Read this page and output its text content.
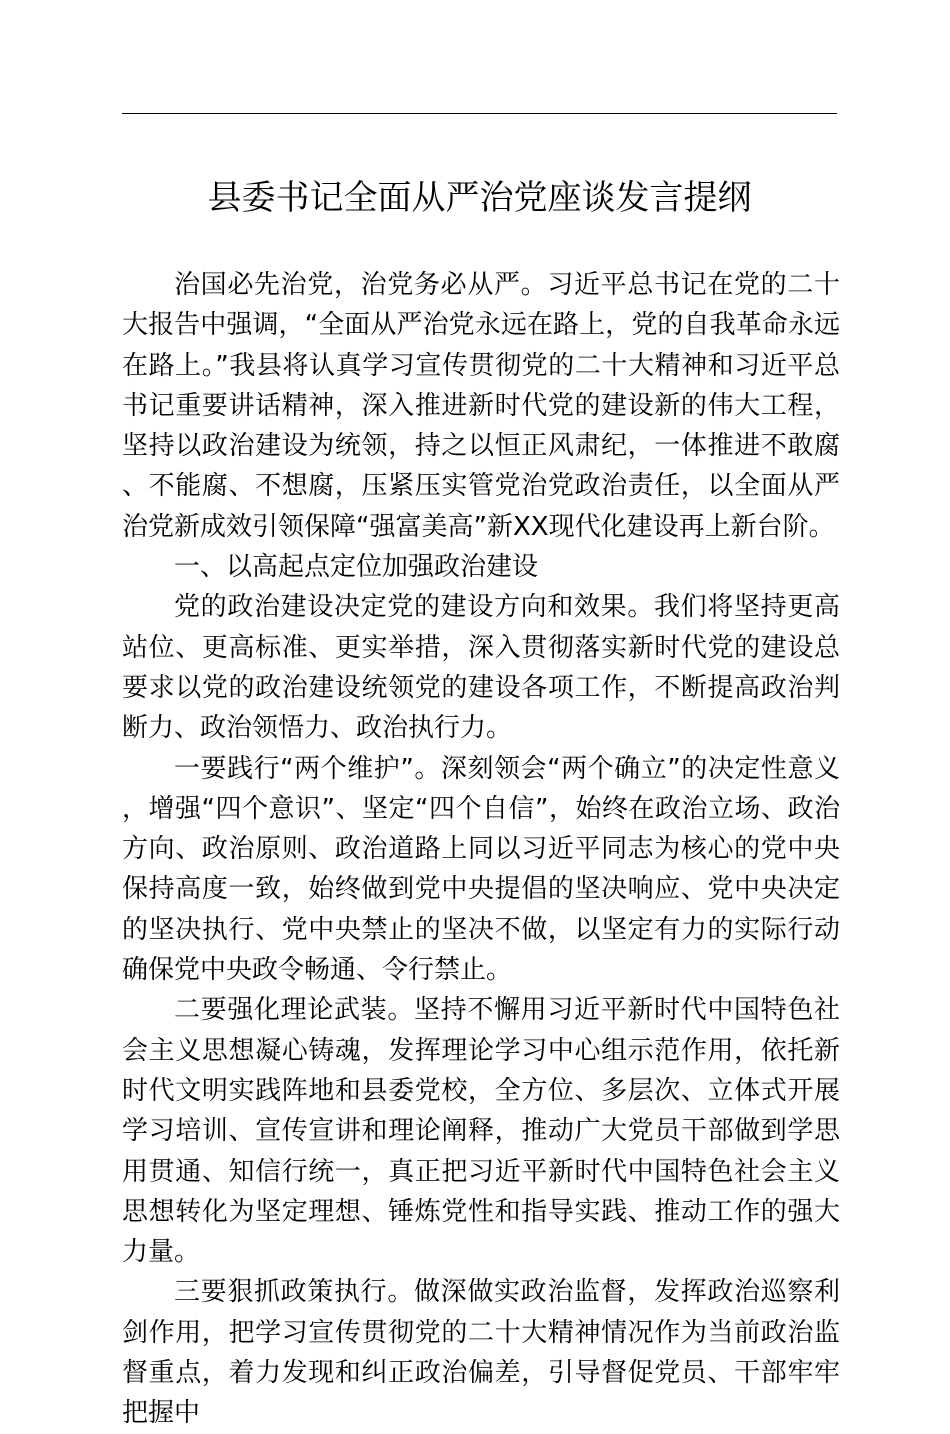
县委书记全面从严治党座谈发言提纲

治国必先治党，治党务必从严。习近平总书记在党的二十大报告中强调，“全面从严治党永远在路上，党的自我革命永远在路上。”我县将认真学习宣传贯彻党的二十大精神和习近平总书记重要讲话精神，深入推进新时代党的建设新的伟大工程，坚持以政治建设为统领，持之以恒正风肃纪，一体推进不敢腐、不能腐、不想腐，压紧压实管党治党政治责任，以全面从严治党新成效引领保障“强富美高”新XX现代化建设再上新台阶。

一、以高起点定位加强政治建设

党的政治建设决定党的建设方向和效果。我们将坚持更高站位、更高标准、更实举措，深入贯彻落实新时代党的建设总要求以党的政治建设统领党的建设各项工作，不断提高政治判断力、政治领悟力、政治执行力。

一要践行“两个维护”。深刻领会“两个确立”的决定性意义，增强“四个意识”、坚定“四个自信”，始终在政治立场、政治方向、政治原则、政治道路上同以习近平同志为核心的党中央保持高度一致，始终做到党中央提倡的坚决响应、党中央决定的坚决执行、党中央禁止的坚决不做，以坚定有力的实际行动确保党中央政令畅通、令行禁止。

二要强化理论武装。坚持不懈用习近平新时代中国特色社会主义思想凝心铸魂，发挥理论学习中心组示范作用，依托新时代文明实践阵地和县委党校，全方位、多层次、立体式开展学习培训、宣传宣讲和理论阐释，推动广大党员干部做到学思用贯通、知信行统一，真正把习近平新时代中国特色社会主义思想转化为坚定理想、锤炼党性和指导实践、推动工作的强大力量。

三要狠抓政策执行。做深做实政治监督，发挥政治巡察利剑作用，把学习宣传贯彻党的二十大精神情况作为当前政治监督重点，着力发现和纠正政治偏差，引导督促党员、干部牢牢把握中
